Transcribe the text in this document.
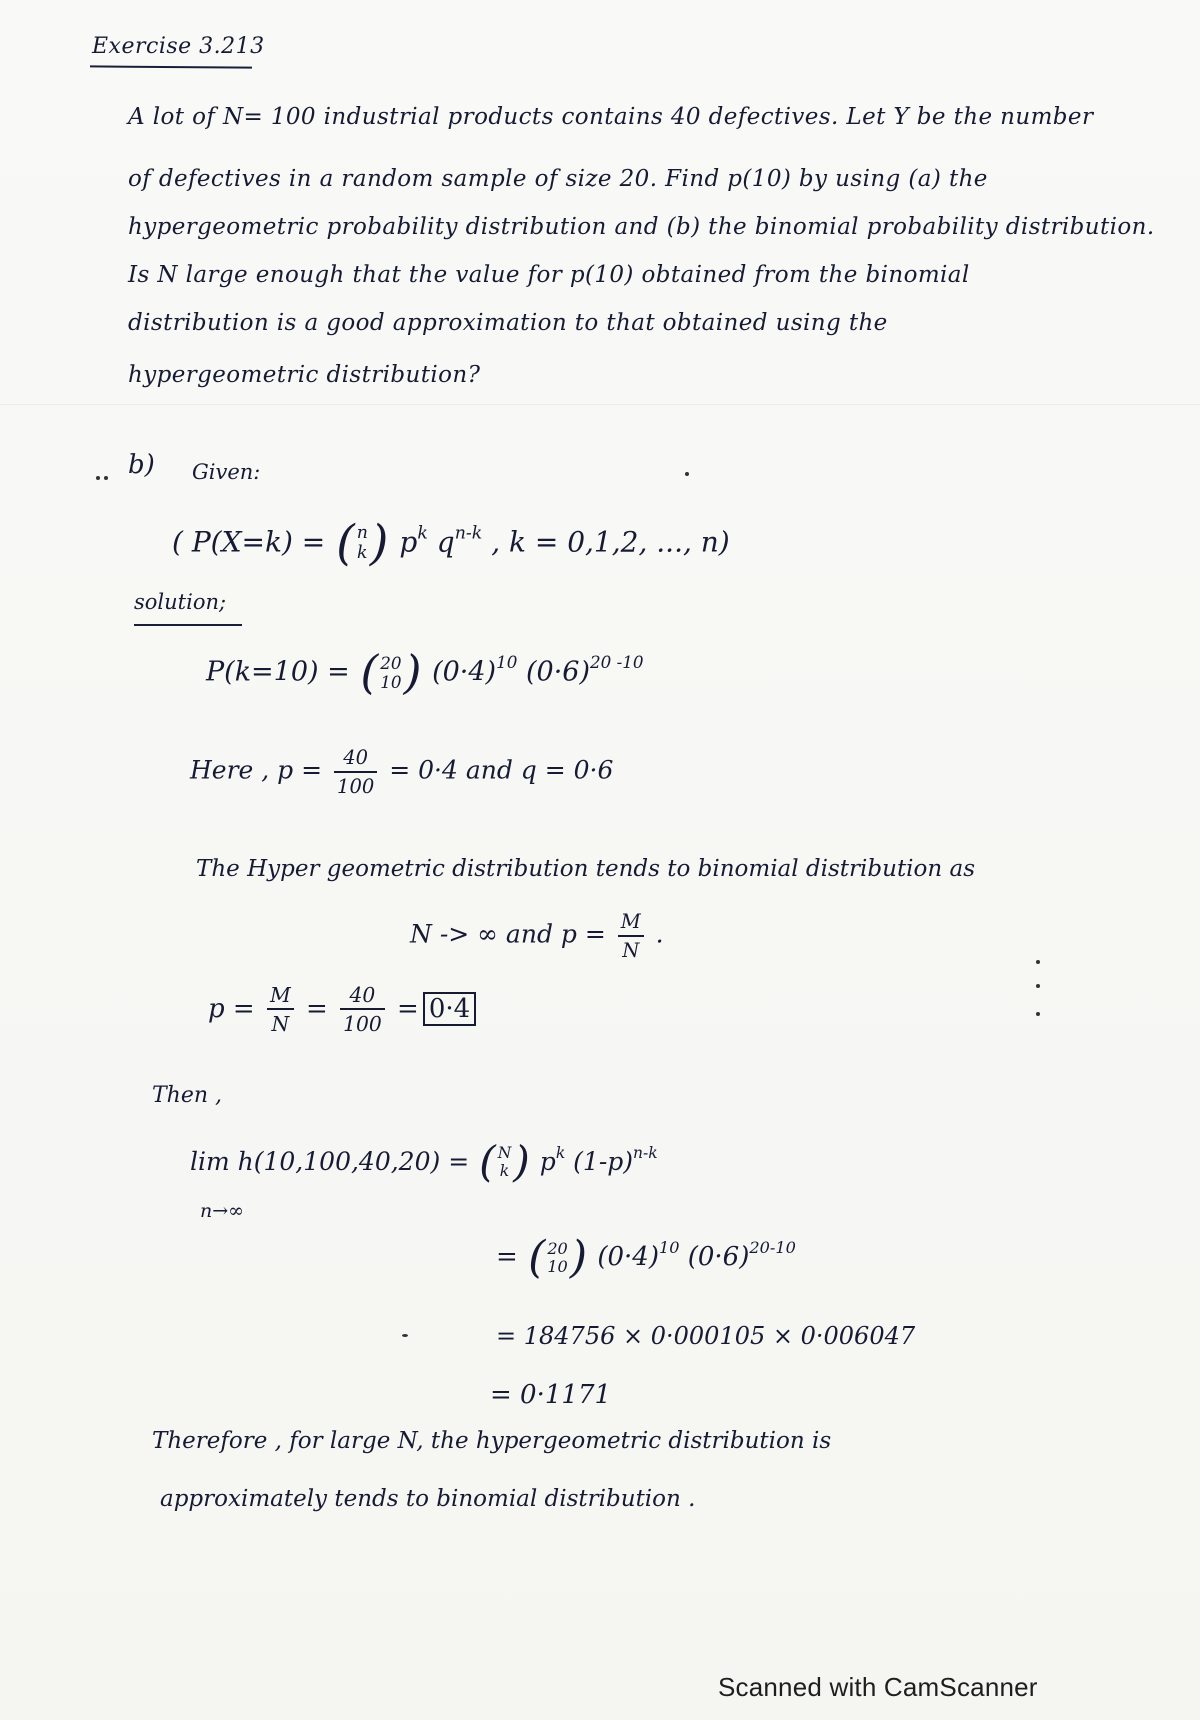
Exercise 3.213
A lot of N= 100 industrial products contains 40 defectives. Let Y be the number
of defectives in a random sample of size 20. Find p(10) by using (a) the
hypergeometric probability distribution and (b) the binomial probability distribution.
Is N large enough that the value for p(10) obtained from the binomial
distribution is a good approximation to that obtained using the
hypergeometric distribution?
b) Given:
( P(X=k) = ( n
k ) $p^k$ $q^{n-k}$ , k = 0,1,2, ..., n)
solution;
P(k=10) = ( 20
10 ) $(0\cdot 4)^{10}$ $(0\cdot 6)^{20 -10}$
Here , $p = \frac{40}{100} = 0\cdot 4$ and q = 0·6
The Hyper geometric distribution tends to binomial distribution as
N -> ∞ and $p = \frac{M}{N}$ .
$p = \frac{M}{N} = \frac{40}{100} = 0\cdot 4$
Then ,
lim h(10,100,40,20) = ( N
k ) $p^k$ $(1-p)^{n-k}$
n→∞
= ( 20
10 ) $(0\cdot 4)^{10}$ $(0\cdot 6)^{20-10}$
= 184756 × 0·000105 × 0·006047
= 0·1171
Therefore , for large N, the hypergeometric distribution is
approximately tends to binomial distribution .
Scanned with CamScanner
